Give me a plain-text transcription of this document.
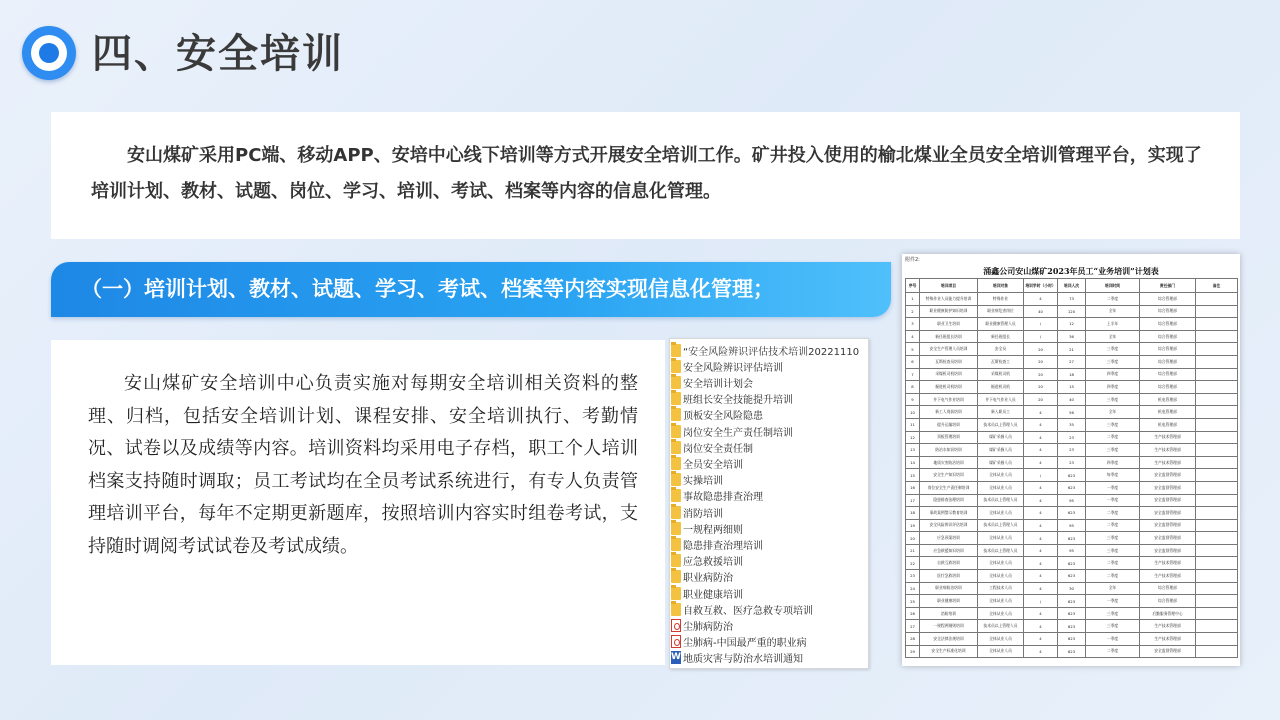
四、安全培训

安山煤矿采用PC端、移动APP、安培中心线下培训等方式开展安全培训工作。矿井投入使用的榆北煤业全员安全培训管理平台，实现了培训计划、教材、试题、岗位、学习、培训、考试、档案等内容的信息化管理。

（一）培训计划、教材、试题、学习、考试、档案等内容实现信息化管理；

安山煤矿安全培训中心负责实施对每期安全培训相关资料的整理、归档，包括安全培训计划、课程安排、安全培训执行、考勤情况、试卷以及成绩等内容。培训资料均采用电子存档，职工个人培训档案支持随时调取；员工考试均在全员考试系统进行，有专人负责管理培训平台，每年不定期更新题库，按照培训内容实时组卷考试，支持随时调阅考试试卷及考试成绩。

“安全风险辨识评估技术培训20221110
安全风险辨识评估培训
安全培训计划会
班组长安全技能提升培训
顶板安全风险隐患
岗位安全生产责任制培训
岗位安全责任制
全员安全培训
实操培训
事故隐患排查治理
消防培训
一规程两细则
隐患排查治理培训
应急救援培训
职业病防治
职业健康培训
自救互救、医疗急救专项培训
尘肺病防治
尘肺病-中国最严重的职业病
W 地质灾害与防治水培训通知
附件2:
涌鑫公司安山煤矿2023年员工“业务培训”计划表
序号	培训项目	培训对象	培训学时（小时）	培训人次	培训时间	责任部门	备注
1	特殊作业人员能力提升培训	特殊作业	4	73	二季度	综合管理部	
2	职业健康防护知识培训	职业病危害岗位	40	120	全年	综合管理部	
3	职业卫生培训	职业健康管理人员	/	12	上半年	综合管理部	
4	新任班组长培训	新任班组长	/	36	全年	综合管理部	
5	安全生产管理人员培训	安全员	20	21	三季度	综合管理部	
6	瓦斯检查员培训	瓦斯检查工	20	27	三季度	综合管理部	
7	采煤机司机培训	采煤机司机	20	18	四季度	综合管理部	
8	掘进机司机培训	掘进机司机	20	15	四季度	综合管理部	
9	井下电气作业培训	井下电气作业人员	20	40	三季度	机电管理部	
10	新工人岗前培训	新入职员工	4	56	全年	机电管理部	
11	提升运输培训	技术员以上管理人员	4	35	三季度	机电管理部	
12	顶板管理培训	煤矿采掘人员	4	23	二季度	生产技术管理部	
13	防治水知识培训	煤矿采掘人员	4	23	三季度	生产技术管理部	
14	地质灾害防治培训	煤矿采掘人员	4	23	四季度	生产技术管理部	
15	安全生产知识培训	全体从业人员	/	623	每季度	安全监督管理部	
16	岗位安全生产责任制培训	全体从业人员	4	623	一季度	安全监督管理部	
17	隐患排查治理培训	技术员以上管理人员	4	95	一季度	安全监督管理部	
18	事故案例警示教育培训	全体从业人员	4	623	二季度	安全监督管理部	
19	安全风险辨识评估培训	技术员以上管理人员	4	95	二季度	安全监督管理部	
20	应急预案培训	全体从业人员	4	623	三季度	安全监督管理部	
21	应急救援知识培训	技术员以上管理人员	4	95	三季度	安全监督管理部	
22	自救互救培训	全体从业人员	4	623	二季度	生产技术管理部	
23	医疗急救培训	全体从业人员	4	623	二季度	生产技术管理部	
24	职业病防治培训	工程技术人员	4	30	全年	综合管理部	
25	职业健康培训	全体从业人员	/	623	一季度	综合管理部	
26	消防培训	全体从业人员	4	623	三季度	后勤服务管理中心	
27	一规程两细则培训	技术员以上管理人员	4	623	三季度	生产技术管理部	
28	安全法律法规培训	全体从业人员	4	623	一季度	生产技术管理部	
29	安全生产标准化培训	全体从业人员	4	623	二季度	安全监督管理部	
